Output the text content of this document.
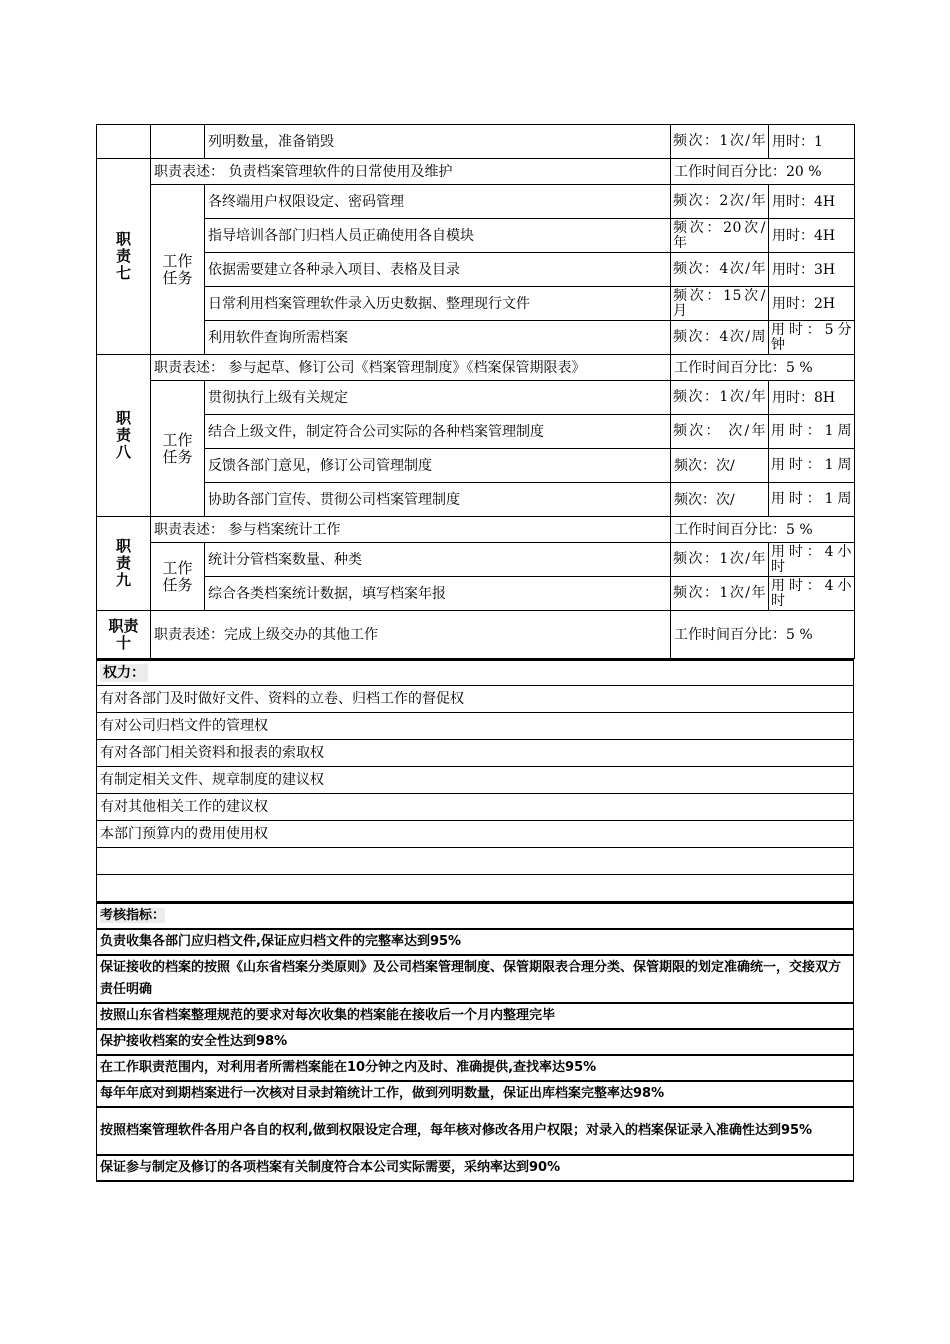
		列明数量，准备销毁	频次：1次/年	用时：1
职责七	职责表述： 负责档案管理软件的日常使用及维护		工作时间百分比：20 %	
	工作任务	各终端用户权限设定、密码管理	频次：2次/年	用时：4H
		指导培训各部门归档人员正确使用各自模块	频次：20次/年	用时：4H
		依据需要建立各种录入项目、表格及目录	频次：4次/年	用时：3H
		日常利用档案管理软件录入历史数据、整理现行文件	频次：15次/月	用时：2H
		利用软件查询所需档案	频次：4次/周	用时：5分钟
职责八	职责表述： 参与起草、修订公司《档案管理制度》《档案保管期限表》		工作时间百分比：5 %	
	工作任务	贯彻执行上级有关规定	频次：1次/年	用时：8H
		结合上级文件，制定符合公司实际的各种档案管理制度	频次： 次/年	用时：1周
		反馈各部门意见，修订公司管理制度	频次：次/	用时：1周
		协助各部门宣传、贯彻公司档案管理制度	频次：次/	用时：1周
职责九	职责表述： 参与档案统计工作		工作时间百分比：5 %	
	工作任务	统计分管档案数量、种类	频次：1次/年	用时：4小时
		综合各类档案统计数据，填写档案年报	频次：1次/年	用时：4小时
职责十	职责表述：完成上级交办的其他工作		工作时间百分比：5 %	
权力：
有对各部门及时做好文件、资料的立卷、归档工作的督促权
有对公司归档文件的管理权
有对各部门相关资料和报表的索取权
有制定相关文件、规章制度的建议权
有对其他相关工作的建议权
本部门预算内的费用使用权

考核指标：
负责收集各部门应归档文件,保证应归档文件的完整率达到95%
保证接收的档案的按照《山东省档案分类原则》及公司档案管理制度、保管期限表合理分类、保管期限的划定准确统一，交接双方责任明确
按照山东省档案整理规范的要求对每次收集的档案能在接收后一个月内整理完毕
保护接收档案的安全性达到98%
在工作职责范围内，对利用者所需档案能在10分钟之内及时、准确提供,查找率达95%
每年年底对到期档案进行一次核对目录封箱统计工作，做到列明数量，保证出库档案完整率达98%
按照档案管理软件各用户各自的权利,做到权限设定合理，每年核对修改各用户权限；对录入的档案保证录入准确性达到95%
保证参与制定及修订的各项档案有关制度符合本公司实际需要，采纳率达到90%
